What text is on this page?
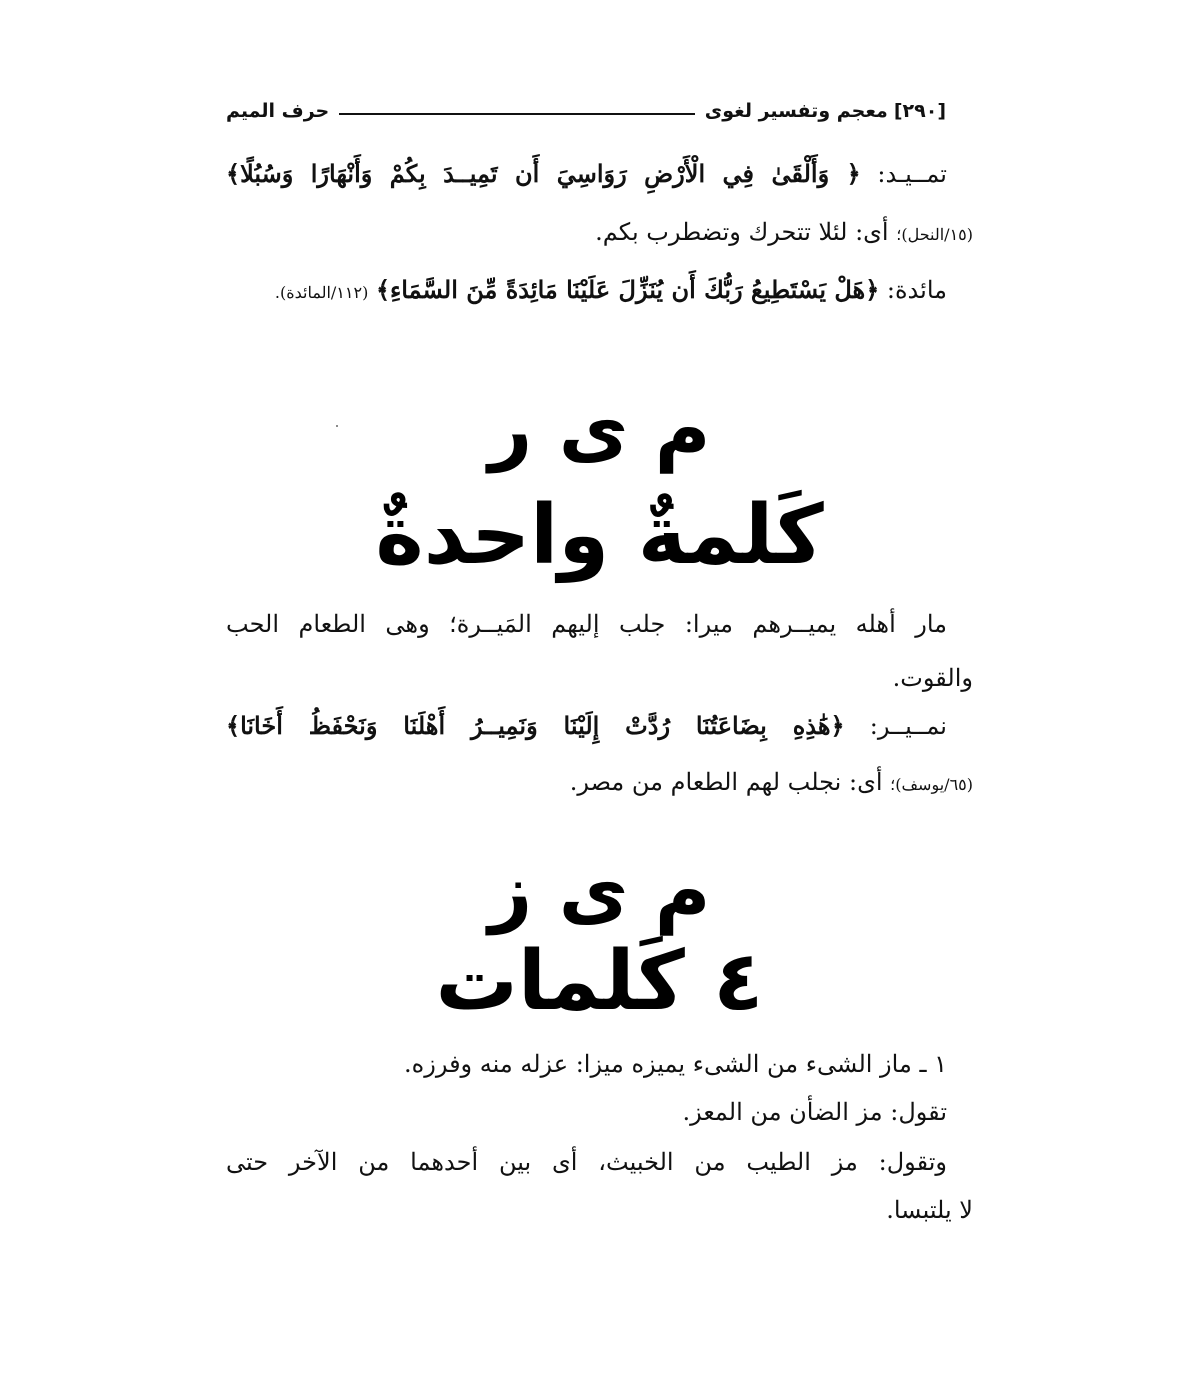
[٢٩٠]
معجم وتفسير لغوى
حرف الميم
تمــيـد: ﴿ وَأَلْقَىٰ فِي الْأَرْضِ رَوَاسِيَ أَن تَمِيــدَ بِكُمْ وَأَنْهَارًا وَسُبُلًا﴾
(١٥/النحل)؛ أى: لئلا تتحرك وتضطرب بكم.
مائدة: ﴿هَلْ يَسْتَطِيعُ رَبُّكَ أَن يُنَزِّلَ عَلَيْنَا مَائِدَةً مِّنَ السَّمَاءِ﴾ (١١٢/المائدة).
م ى ر
كَلمةٌ واحدةٌ
مار أهله يميــرهم ميرا: جلب إليهم المَيــرة؛ وهى الطعام الحب
والقوت.
نمــيــر: ﴿هَٰذِهِ بِضَاعَتُنَا رُدَّتْ إِلَيْنَا وَنَمِيــرُ أَهْلَنَا وَنَحْفَظُ أَخَانَا﴾
(٦٥/يوسف)؛ أى: نجلب لهم الطعام من مصر.
م ى ز
٤ كَلمات
١ ـ ماز الشىء من الشىء يميزه ميزا: عزله منه وفرزه.
تقول: مز الضأن من المعز.
وتقول: مز الطيب من الخبيث، أى بين أحدهما من الآخر حتى
لا يلتبسا.
